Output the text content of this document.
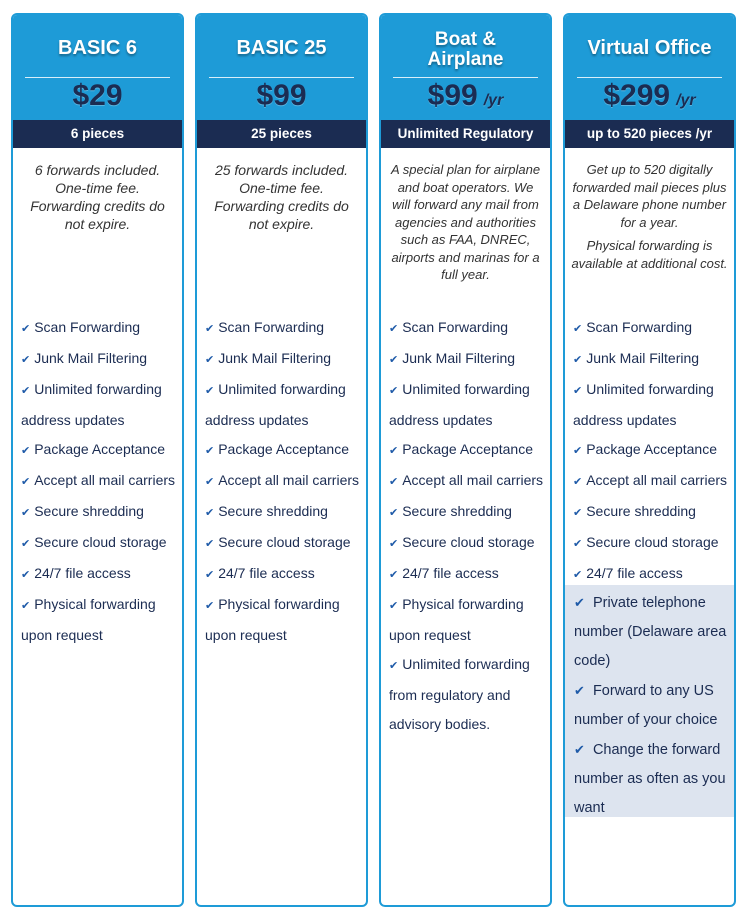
BASIC 6
$29
6 pieces

6 forwards included. One-time fee. Forwarding credits do not expire.

✔ Scan Forwarding
✔ Junk Mail Filtering
✔ Unlimited forwarding address updates
✔ Package Acceptance
✔ Accept all mail carriers
✔ Secure shredding
✔ Secure cloud storage
✔ 24/7 file access
✔ Physical forwarding upon request
BASIC 25
$99
25 pieces

25 forwards included. One-time fee. Forwarding credits do not expire.

✔ Scan Forwarding
✔ Junk Mail Filtering
✔ Unlimited forwarding address updates
✔ Package Acceptance
✔ Accept all mail carriers
✔ Secure shredding
✔ Secure cloud storage
✔ 24/7 file access
✔ Physical forwarding upon request
Boat & Airplane
$99 /yr
Unlimited Regulatory

A special plan for airplane and boat operators. We will forward any mail from agencies and authorities such as FAA, DNREC, airports and marinas for a full year.

✔ Scan Forwarding
✔ Junk Mail Filtering
✔ Unlimited forwarding address updates
✔ Package Acceptance
✔ Accept all mail carriers
✔ Secure shredding
✔ Secure cloud storage
✔ 24/7 file access
✔ Physical forwarding upon request
✔ Unlimited forwarding from regulatory and advisory bodies.
Virtual Office
$299 /yr
up to 520 pieces /yr

Get up to 520 digitally forwarded mail pieces plus a Delaware phone number for a year.

Physical forwarding is available at additional cost.

✔ Scan Forwarding
✔ Junk Mail Filtering
✔ Unlimited forwarding address updates
✔ Package Acceptance
✔ Accept all mail carriers
✔ Secure shredding
✔ Secure cloud storage
✔ 24/7 file access
✔ Private telephone number (Delaware area code)
✔ Forward to any US number of your choice
✔ Change the forward number as often as you want
